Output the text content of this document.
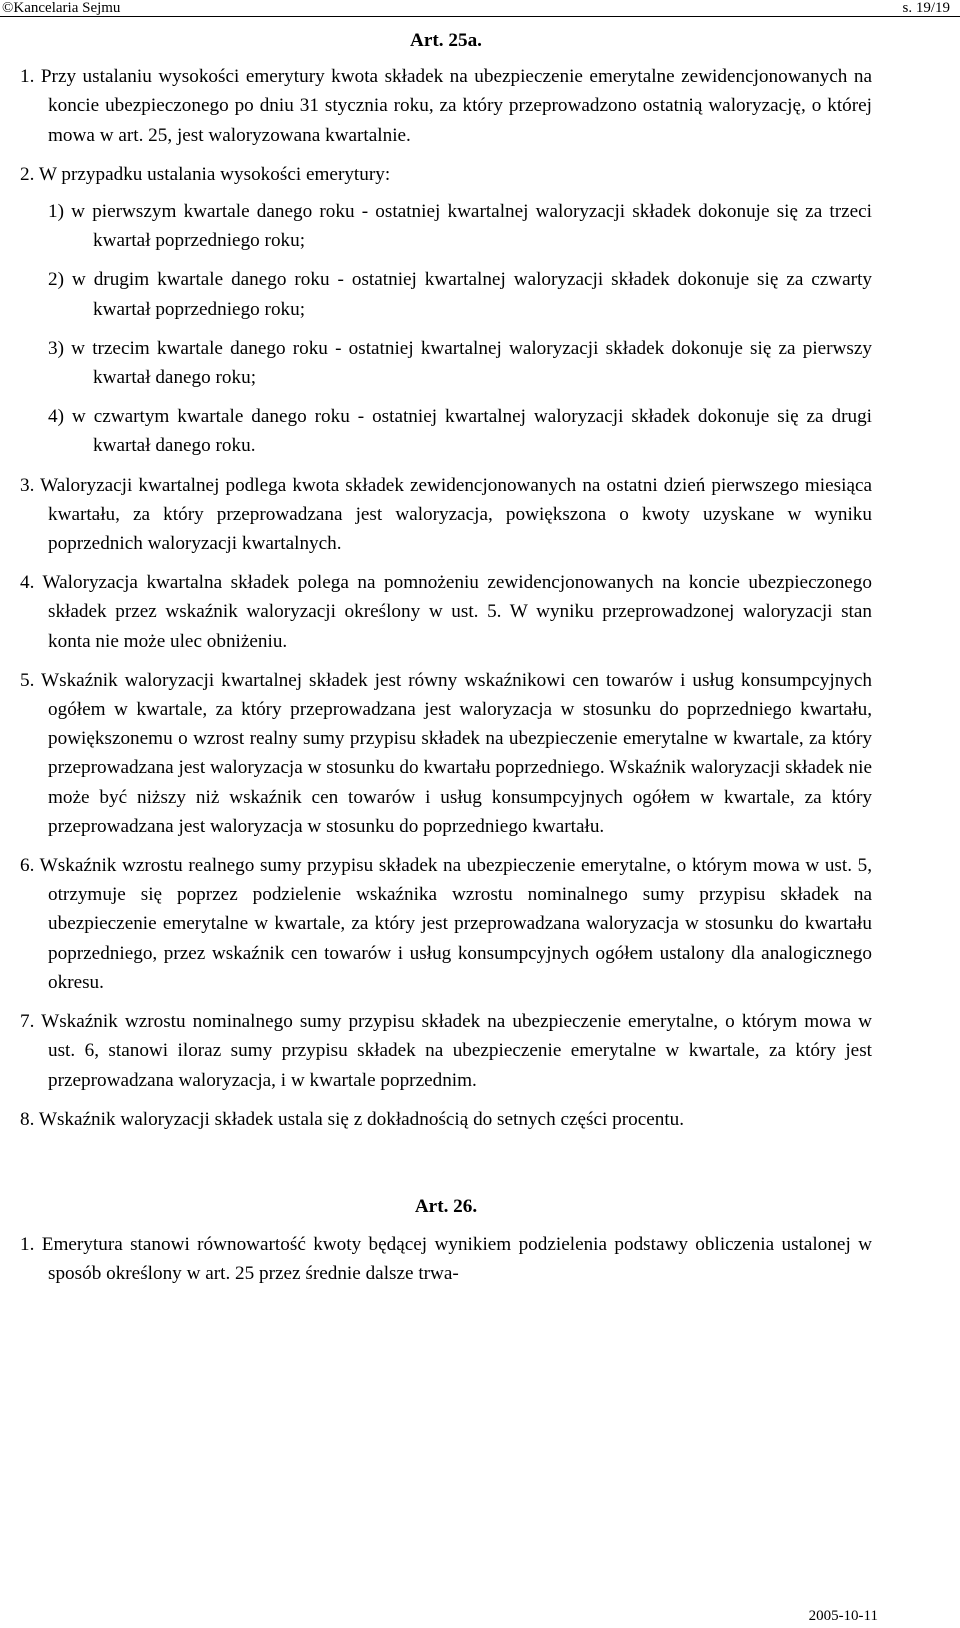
©Kancelaria Sejmu	s. 19/19

Art. 25a.

1. Przy ustalaniu wysokości emerytury kwota składek na ubezpieczenie emerytalne zewidencjonowanych na koncie ubezpieczonego po dniu 31 stycznia roku, za który przeprowadzono ostatnią waloryzację, o której mowa w art. 25, jest waloryzowana kwartalnie.

2. W przypadku ustalania wysokości emerytury:

1) w pierwszym kwartale danego roku - ostatniej kwartalnej waloryzacji składek dokonuje się za trzeci kwartał poprzedniego roku;

2) w drugim kwartale danego roku - ostatniej kwartalnej waloryzacji składek dokonuje się za czwarty kwartał poprzedniego roku;

3) w trzecim kwartale danego roku - ostatniej kwartalnej waloryzacji składek dokonuje się za pierwszy kwartał danego roku;

4) w czwartym kwartale danego roku - ostatniej kwartalnej waloryzacji składek dokonuje się za drugi kwartał danego roku.

3. Waloryzacji kwartalnej podlega kwota składek zewidencjonowanych na ostatni dzień pierwszego miesiąca kwartału, za który przeprowadzana jest waloryzacja, powiększona o kwoty uzyskane w wyniku poprzednich waloryzacji kwartalnych.

4. Waloryzacja kwartalna składek polega na pomnożeniu zewidencjonowanych na koncie ubezpieczonego składek przez wskaźnik waloryzacji określony w ust. 5. W wyniku przeprowadzonej waloryzacji stan konta nie może ulec obniżeniu.

5. Wskaźnik waloryzacji kwartalnej składek jest równy wskaźnikowi cen towarów i usług konsumpcyjnych ogółem w kwartale, za który przeprowadzana jest waloryzacja w stosunku do poprzedniego kwartału, powiększonemu o wzrost realny sumy przypisu składek na ubezpieczenie emerytalne w kwartale, za który przeprowadzana jest waloryzacja w stosunku do kwartału poprzedniego. Wskaźnik waloryzacji składek nie może być niższy niż wskaźnik cen towarów i usług konsumpcyjnych ogółem w kwartale, za który przeprowadzana jest waloryzacja w stosunku do poprzedniego kwartału.

6. Wskaźnik wzrostu realnego sumy przypisu składek na ubezpieczenie emerytalne, o którym mowa w ust. 5, otrzymuje się poprzez podzielenie wskaźnika wzrostu nominalnego sumy przypisu składek na ubezpieczenie emerytalne w kwartale, za który jest przeprowadzana waloryzacja w stosunku do kwartału poprzedniego, przez wskaźnik cen towarów i usług konsumpcyjnych ogółem ustalony dla analogicznego okresu.

7. Wskaźnik wzrostu nominalnego sumy przypisu składek na ubezpieczenie emerytalne, o którym mowa w ust. 6, stanowi iloraz sumy przypisu składek na ubezpieczenie emerytalne w kwartale, za który jest przeprowadzana waloryzacja, i w kwartale poprzednim.

8. Wskaźnik waloryzacji składek ustala się z dokładnością do setnych części procentu.

Art. 26.

1. Emerytura stanowi równowartość kwoty będącej wynikiem podzielenia podstawy obliczenia ustalonej w sposób określony w art. 25 przez średnie dalsze trwa-

2005-10-11
